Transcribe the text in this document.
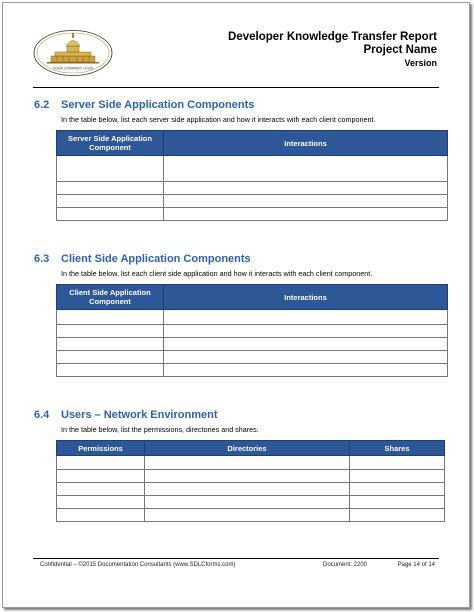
YOUR COMPANY LOGO
Developer Knowledge Transfer Report
Project Name
Version
6.2	Server Side Application Components
In the table below, list each server side application and how it interacts with each client component.
Server Side Application Component	Interactions

6.3	Client Side Application Components
In the table below, list each client side application and how it interacts with each client component.
Client Side Application Component	Interactions

6.4	Users – Network Environment
In the table below, list the permissions, directories and shares.
Permissions	Directories	Shares

Confidential – ©2015 Documentation Consultants (www.SDLCforms.com)	Document: 2200	Page 14 of 14
